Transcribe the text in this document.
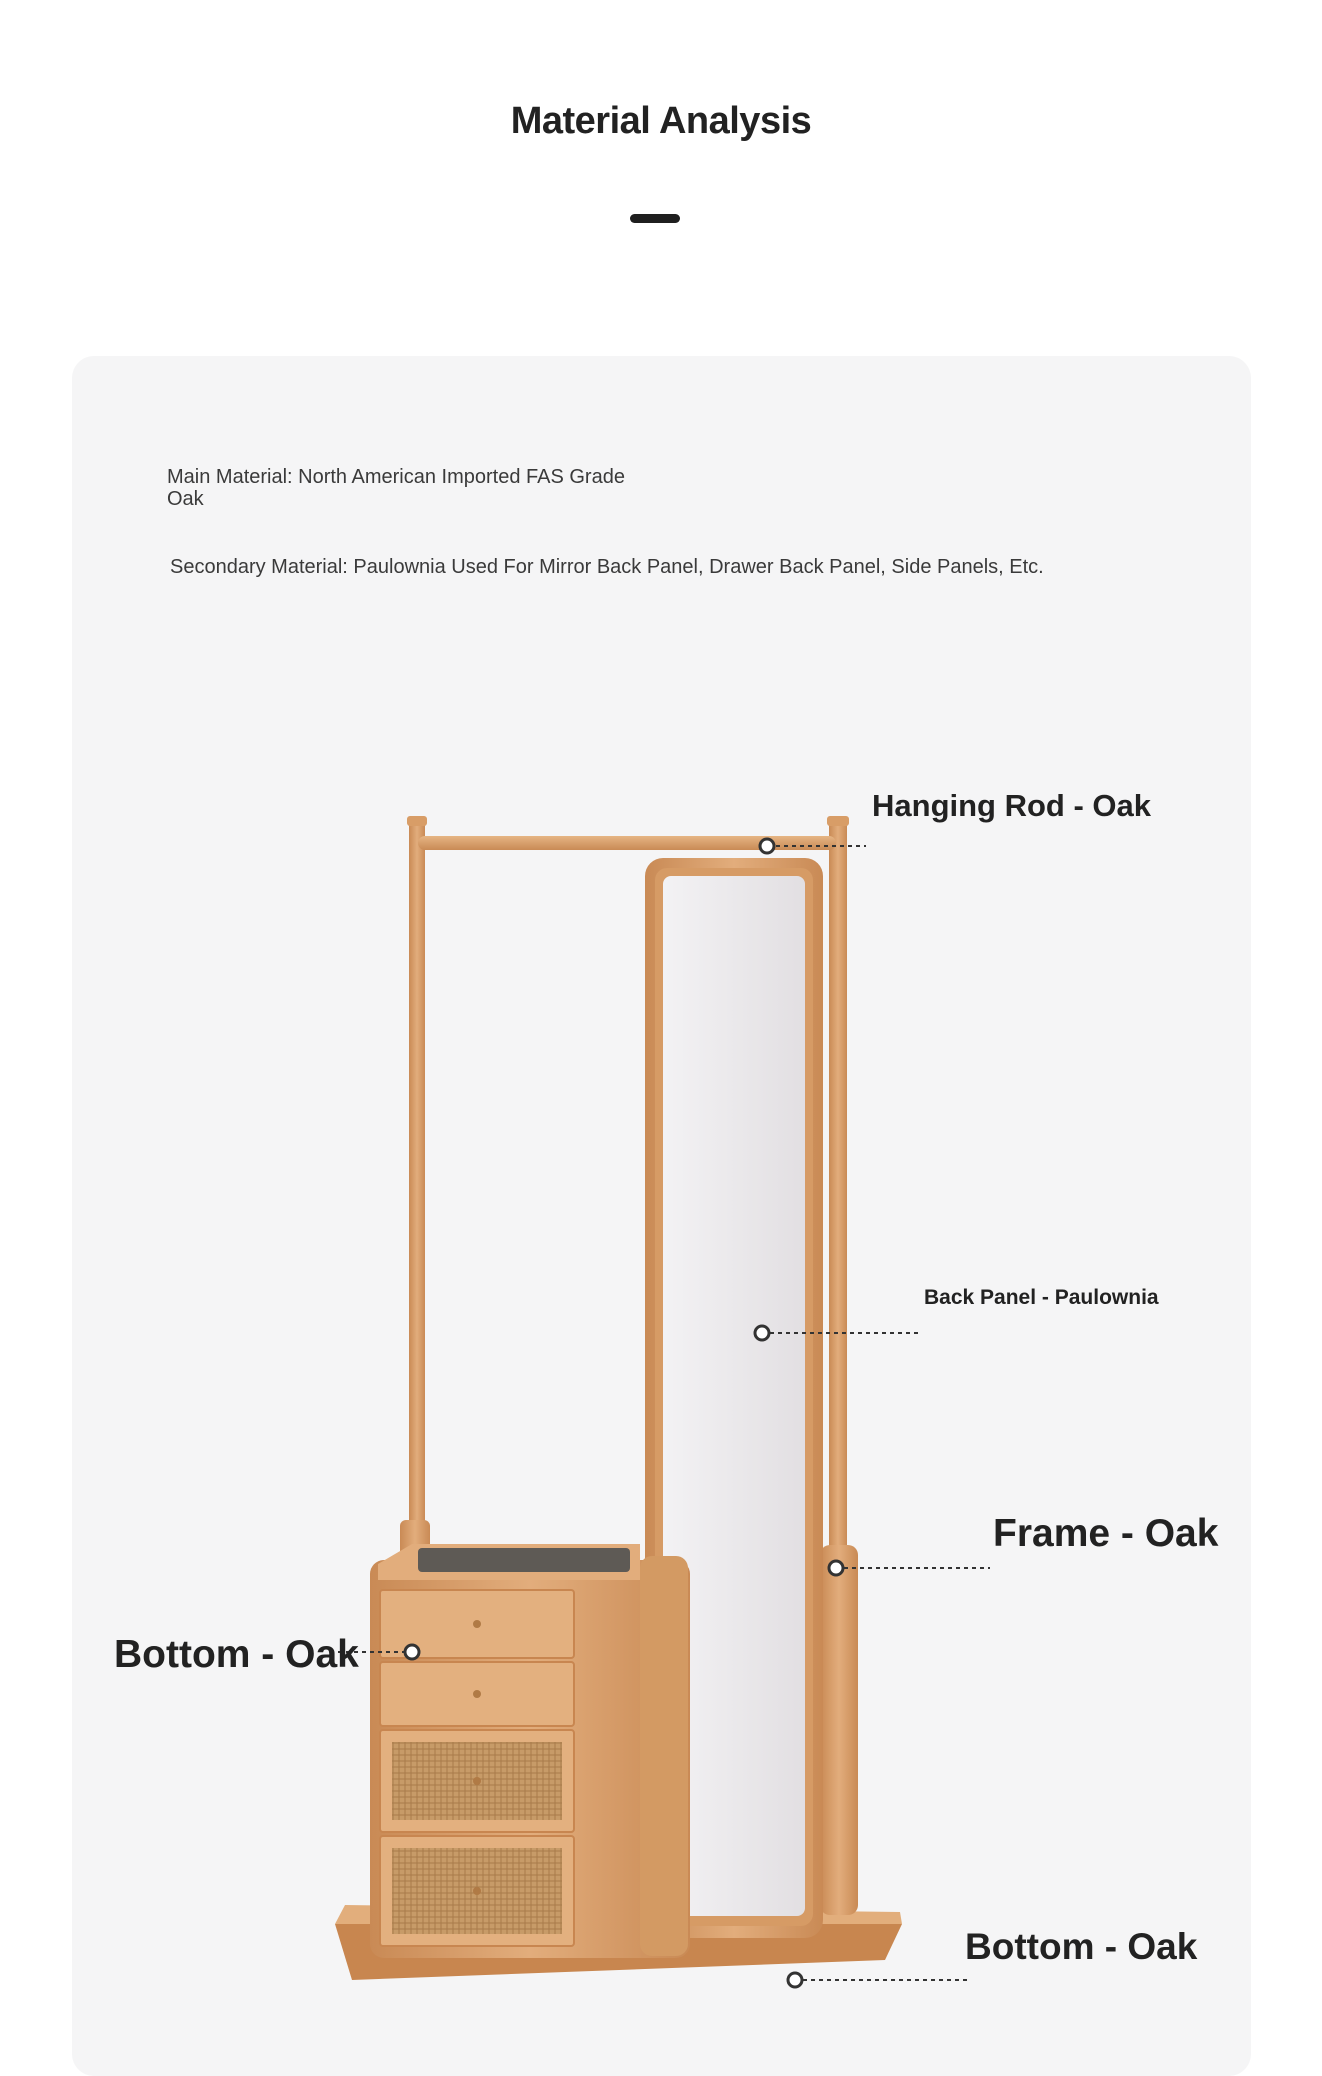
Material Analysis
Main Material: North American Imported FAS Grade Oak
Secondary Material: Paulownia Used For Mirror Back Panel, Drawer Back Panel, Side Panels, Etc.
Hanging Rod - Oak
Back Panel - Paulownia
Frame - Oak
Bottom - Oak
Bottom - Oak
